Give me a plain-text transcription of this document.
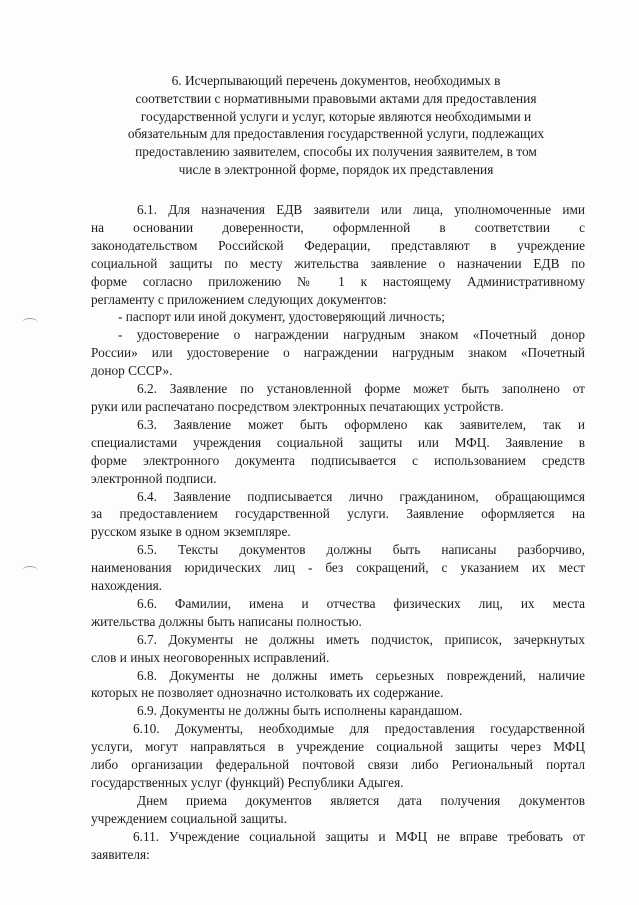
6. Исчерпывающий перечень документов, необходимых в
соответствии с нормативными правовыми актами для предоставления
государственной услуги и услуг, которые являются необходимыми и
обязательным для предоставления государственной услуги, подлежащих
предоставлению заявителем, способы их получения заявителем, в том
числе в электронной форме, порядок их представления

6.1. Для назначения ЕДВ заявители или лица, уполномоченные ими
на основании доверенности, оформленной в соответствии с
законодательством Российской Федерации, представляют в учреждение
социальной защиты по месту жительства заявление о назначении ЕДВ по
форме согласно приложению № 1 к настоящему Административному
регламенту с приложением следующих документов:

- паспорт или иной документ, удостоверяющий личность;

- удостоверение о награждении нагрудным знаком «Почетный донор
России» или удостоверение о награждении нагрудным знаком «Почетный
донор СССР».

6.2. Заявление по установленной форме может быть заполнено от
руки или распечатано посредством электронных печатающих устройств.

6.3. Заявление может быть оформлено как заявителем, так и
специалистами учреждения социальной защиты или МФЦ. Заявление в
форме электронного документа подписывается с использованием средств
электронной подписи.

6.4. Заявление подписывается лично гражданином, обращающимся
за предоставлением государственной услуги. Заявление оформляется на
русском языке в одном экземпляре.

6.5. Тексты документов должны быть написаны разборчиво,
наименования юридических лиц - без сокращений, с указанием их мест
нахождения.

6.6. Фамилии, имена и отчества физических лиц, их места
жительства должны быть написаны полностью.

6.7. Документы не должны иметь подчисток, приписок, зачеркнутых
слов и иных неоговоренных исправлений.

6.8. Документы не должны иметь серьезных повреждений, наличие
которых не позволяет однозначно истолковать их содержание.

6.9. Документы не должны быть исполнены карандашом.

6.10. Документы, необходимые для предоставления государственной
услуги, могут направляться в учреждение социальной защиты через МФЦ
либо организации федеральной почтовой связи либо Региональный портал
государственных услуг (функций) Республики Адыгея.

Днем приема документов является дата получения документов
учреждением социальной защиты.

6.11. Учреждение социальной защиты и МФЦ не вправе требовать от
заявителя:
